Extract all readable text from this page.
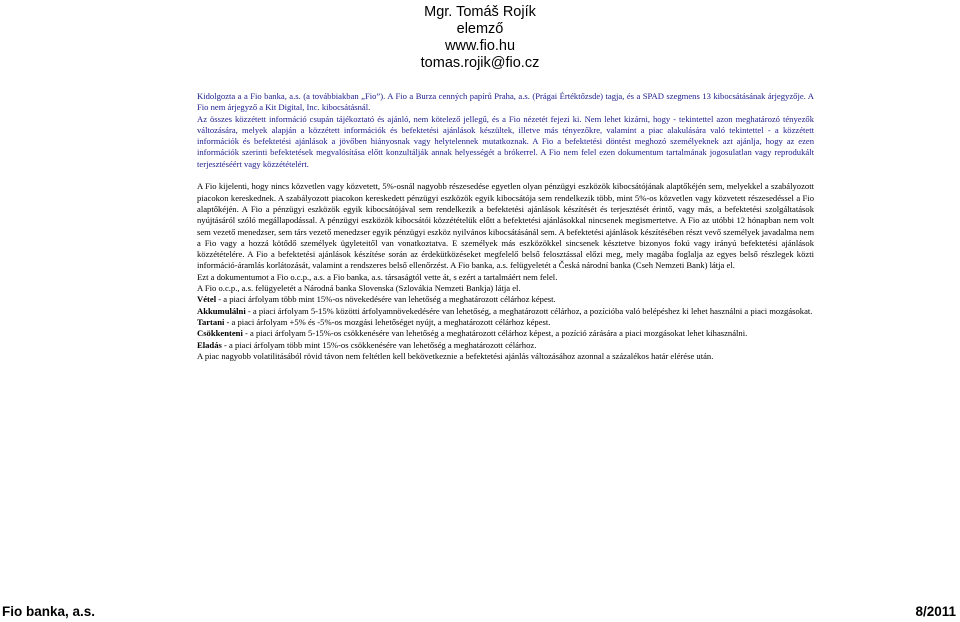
Mgr. Tomáš Rojík
elemző
www.fio.hu
tomas.rojik@fio.cz

Kidolgozta a a Fio banka, a.s. (a továbbiakban „Fio”). A Fio a Burza cenných papírů Praha, a.s. (Prágai Értéktőzsde) tagja, és a SPAD szegmens 13 kibocsátásának árjegyzője. A Fio nem árjegyző a Kit Digital, Inc. kibocsátásnál.

Az összes közzétett információ csupán tájékoztató és ajánló, nem kötelező jellegű, és a Fio nézetét fejezi ki. Nem lehet kizárni, hogy - tekintettel azon meghatározó tényezők változására, melyek alapján a közzétett információk és befektetési ajánlások készültek, illetve más tényezőkre, valamint a piac alakulására való tekintettel - a közzétett információk és befektetési ajánlások a jövőben hiányosnak vagy helytelennek mutatkoznak. A Fio a befektetési döntést meghozó személyeknek azt ajánlja, hogy az ezen információk szerinti befektetések megvalósítása előtt konzultálják annak helyességét a brókerrel. A Fio nem felel ezen dokumentum tartalmának jogosulatlan vagy reprodukált terjesztéséért vagy közzétételért.

A Fio kijelenti, hogy nincs közvetlen vagy közvetett, 5%-osnál nagyobb részesedése egyetlen olyan pénzügyi eszközök kibocsátójának alaptőkéjén sem, melyekkel a szabályozott piacokon kereskednek. A szabályozott piacokon kereskedett pénzügyi eszközök egyik kibocsátója sem rendelkezik több, mint 5%-os közvetlen vagy közvetett részesedéssel a Fio alaptőkéjén. A Fio a pénzügyi eszközök egyik kibocsátójával sem rendelkezik a befektetési ajánlások készítését és terjesztését érintő, vagy más, a befektetési szolgáltatások nyújtásáról szóló megállapodással. A pénzügyi eszközök kibocsátói közzétételük előtt a befektetési ajánlásokkal nincsenek megismertetve. A Fio az utóbbi 12 hónapban nem volt sem vezető menedzser, sem társ vezető menedzser egyik pénzügyi eszköz nyilvános kibocsátásánál sem. A befektetési ajánlások készítésében részt vevő személyek javadalma nem a Fio vagy a hozzá kötődő személyek ügyleteitől van vonatkoztatva. E személyek más eszközökkel sincsenek késztetve bizonyos fokú vagy irányú befektetési ajánlások közzétételére. A Fio a befektetési ajánlások készítése során az érdekütközéseket megfelelő belső felosztással előzi meg, mely magába foglalja az egyes belső részlegek közti információ-áramlás korlátozását, valamint a rendszeres belső ellenőrzést. A Fio banka, a.s. felügyeletét a Česká národní banka (Cseh Nemzeti Bank) látja el.

Ezt a dokumentumot a Fio o.c.p., a.s. a Fio banka, a.s. társaságtól vette át, s ezért a tartalmáért nem felel.

A Fio o.c.p., a.s. felügyeletét a Národná banka Slovenska (Szlovákia Nemzeti Bankja) látja el.

Vétel - a piaci árfolyam több mint 15%-os növekedésére van lehetőség a meghatározott célárhoz képest.

Akkumulálni - a piaci árfolyam 5-15% közötti árfolyamnövekedésére van lehetőség, a meghatározott célárhoz, a pozícióba való belépéshez ki lehet használni a piaci mozgásokat.

Tartani - a piaci árfolyam +5% és -5%-os mozgási lehetőséget nyújt, a meghatározott célárhoz képest.

Csökkenteni - a piaci árfolyam 5-15%-os csökkenésére van lehetőség a meghatározott célárhoz képest, a pozíció zárására a piaci mozgásokat lehet kihasználni.

Eladás - a piaci árfolyam több mint 15%-os csökkenésére van lehetőség a meghatározott célárhoz.

A piac nagyobb volatilitásából rövid távon nem feltétlen kell bekövetkeznie a befektetési ajánlás változásához azonnal a százalékos határ elérése után.

Fio banka, a.s.	8/2011
